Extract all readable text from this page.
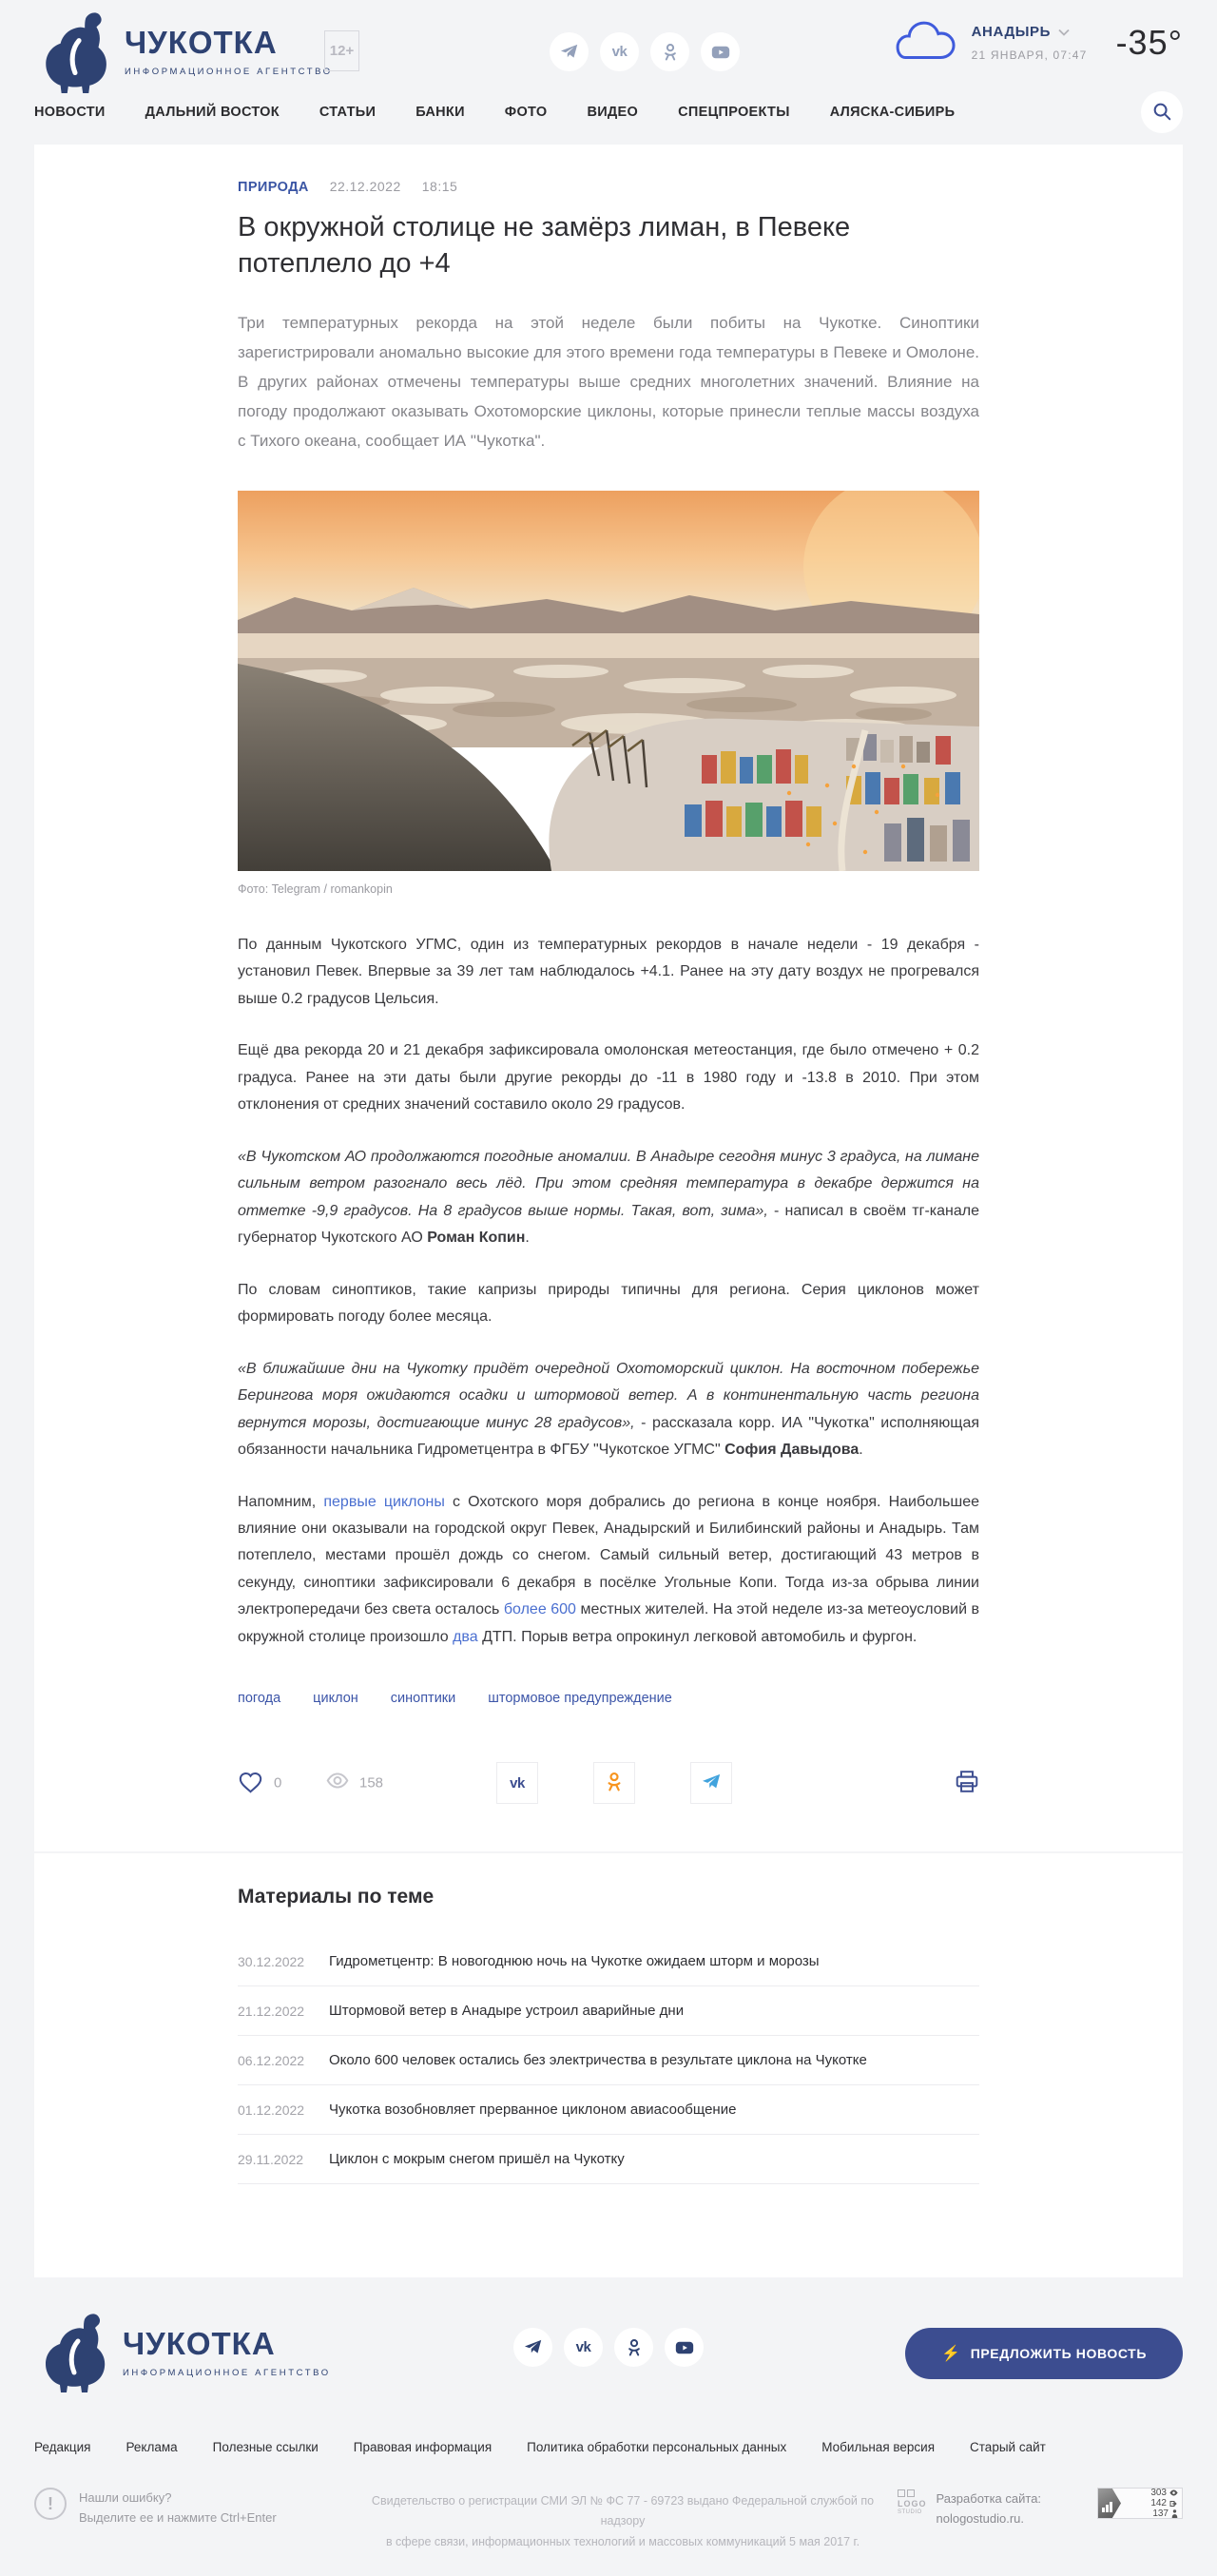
ЧУКОТКА
ИНФОРМАЦИОННОЕ АГЕНТСТВО
12+	vk
АНАДЫРЬ
21 ЯНВАРЯ, 07:47 -35°
НОВОСТИ	ДАЛЬНИЙ ВОСТОК	СТАТЬИ	БАНКИ	ФОТО	ВИДЕО	СПЕЦПРОЕКТЫ	АЛЯСКА-СИБИРЬ
ПРИРОДА 22.12.2022 18:15
В окружной столице не замёрз лиман, в Певеке потеплело до +4
Три температурных рекорда на этой неделе были побиты на Чукотке. Синоптики зарегистрировали аномально высокие для этого времени года температуры в Певеке и Омолоне. В других районах отмечены температуры выше средних многолетних значений. Влияние на погоду продолжают оказывать Охотоморские циклоны, которые принесли теплые массы воздуха с Тихого океана, сообщает ИА "Чукотка".
Фото: Telegram / romankopin

По данным Чукотского УГМС, один из температурных рекордов в начале недели - 19 декабря - установил Певек. Впервые за 39 лет там наблюдалось +4.1. Ранее на эту дату воздух не прогревался выше 0.2 градусов Цельсия.

Ещё два рекорда 20 и 21 декабря зафиксировала омолонская метеостанция, где было отмечено + 0.2 градуса. Ранее на эти даты были другие рекорды до -11 в 1980 году и -13.8 в 2010. При этом отклонения от средних значений составило около 29 градусов.

«В Чукотском АО продолжаются погодные аномалии. В Анадыре сегодня минус 3 градуса, на лимане сильным ветром разогнало весь лёд. При этом средняя температура в декабре держится на отметке -9,9 градусов. На 8 градусов выше нормы. Такая, вот, зима», - написал в своём тг-канале губернатор Чукотского АО Роман Копин.

По словам синоптиков, такие капризы природы типичны для региона. Серия циклонов может формировать погоду более месяца.

«В ближайшие дни на Чукотку придёт очередной Охотоморский циклон. На восточном побережье Берингова моря ожидаются осадки и штормовой ветер. А в континентальную часть региона вернутся морозы, достигающие минус 28 градусов», - рассказала корр. ИА "Чукотка" исполняющая обязанности начальника Гидрометцентра в ФГБУ "Чукотское УГМС" София Давыдова.

Напомним, первые циклоны с Охотского моря добрались до региона в конце ноября. Наибольшее влияние они оказывали на городской округ Певек, Анадырский и Билибинский районы и Анадырь. Там потеплело, местами прошёл дождь со снегом. Самый сильный ветер, достигающий 43 метров в секунду, синоптики зафиксировали 6 декабря в посёлке Угольные Копи. Тогда из-за обрыва линии электропередачи без света осталось более 600 местных жителей. На этой неделе из-за метеоусловий в окружной столице произошло два ДТП. Порыв ветра опрокинул легковой автомобиль и фургон.

погода циклон синоптики штормовое предупреждение
0	158	vk
Материалы по теме
30.12.2022	Гидрометцентр: В новогоднюю ночь на Чукотке ожидаем шторм и морозы
21.12.2022	Штормовой ветер в Анадыре устроил аварийные дни
06.12.2022	Около 600 человек остались без электричества в результате циклона на Чукотке
01.12.2022	Чукотка возобновляет прерванное циклоном авиасообщение
29.11.2022	Циклон с мокрым снегом пришёл на Чукотку
ЧУКОТКА
ИНФОРМАЦИОННОЕ АГЕНТСТВО
vk	⚡ ПРЕДЛОЖИТЬ НОВОСТЬ
Редакция	Реклама	Полезные ссылки	Правовая информация	Политика обработки персональных данных	Мобильная версия	Старый сайт
!	Нашли ошибку?
Выделите ее и нажмите Ctrl+Enter
Свидетельство о регистрации СМИ ЭЛ № ФС 77 - 69723 выдано Федеральной службой по надзору
в сфере связи, информационных технологий и массовых коммуникаций 5 мая 2017 г.
LOGO
STUDIO
Разработка сайта:
nologostudio.ru.
303
142
137
